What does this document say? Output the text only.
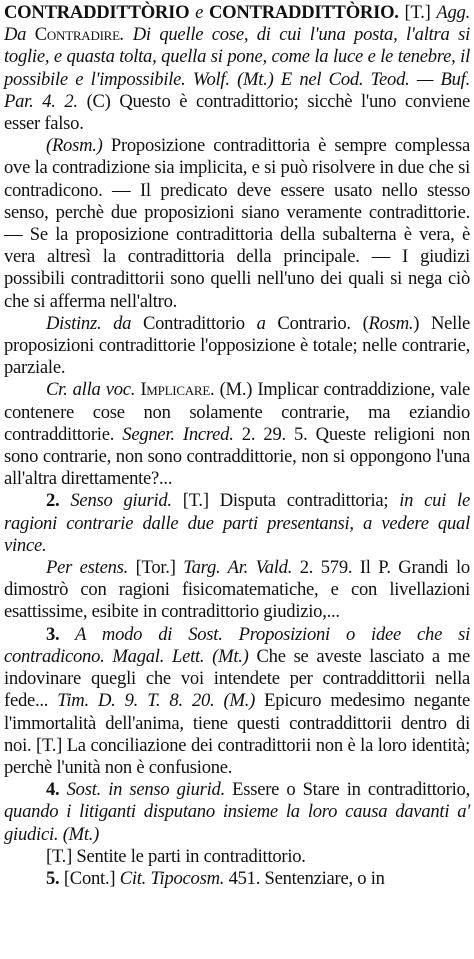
CONTRADDITTÒRIO e CONTRADDITTÒRIO. [T.] Agg. Da Contradire. Di quelle cose, di cui l'una posta, l'altra si toglie, e quasta tolta, quella si pone, come la luce e le tenebre, il possibile e l'impossibile. Wolf. (Mt.) E nel Cod. Teod. — Buf. Par. 4. 2. (C) Questo è contradittorio; sicchè l'uno conviene esser falso.

(Rosm.) Proposizione contradittoria è sempre complessa ove la contradizione sia implicita, e si può risolvere in due che si contradicono. — Il predicato deve essere usato nello stesso senso, perchè due proposizioni siano veramente contradittorie. — Se la proposizione contradittoria della subalterna è vera, è vera altresì la contradittoria della principale. — I giudizi possibili contradittorii sono quelli nell'uno dei quali si nega ciò che si afferma nell'altro.

Distinz. da Contradittorio a Contrario. (Rosm.) Nelle proposizioni contradittorie l'opposizione è totale; nelle contrarie, parziale.

Cr. alla voc. Implicare. (M.) Implicar contraddizione, vale contenere cose non solamente contrarie, ma eziandio contraddittorie. Segner. Incred. 2. 29. 5. Queste religioni non sono contrarie, non sono contraddittorie, non si oppongono l'una all'altra direttamente?...

2. Senso giurid. [T.] Disputa contradittoria; in cui le ragioni contrarie dalle due parti presentansi, a vedere qual vince.

Per estens. [Tor.] Targ. Ar. Vald. 2. 579. Il P. Grandi lo dimostrò con ragioni fisicomatematiche, e con livellazioni esattissime, esibite in contradittorio giudizio,...

3. A modo di Sost. Proposizioni o idee che si contradicono. Magal. Lett. (Mt.) Che se aveste lasciato a me indovinare quegli che voi intendete per contraddittorii nella fede... Tim. D. 9. T. 8. 20. (M.) Epicuro medesimo negante l'immortalità dell'anima, tiene questi contraddittorii dentro di noi. [T.] La conciliazione dei contradittorii non è la loro identità; perchè l'unità non è confusione.

4. Sost. in senso giurid. Essere o Stare in contradittorio, quando i litiganti disputano insieme la loro causa davanti a' giudici. (Mt.)

[T.] Sentite le parti in contradittorio.

5. [Cont.] Cit. Tipocosm. 451. Sentenziare, o in
